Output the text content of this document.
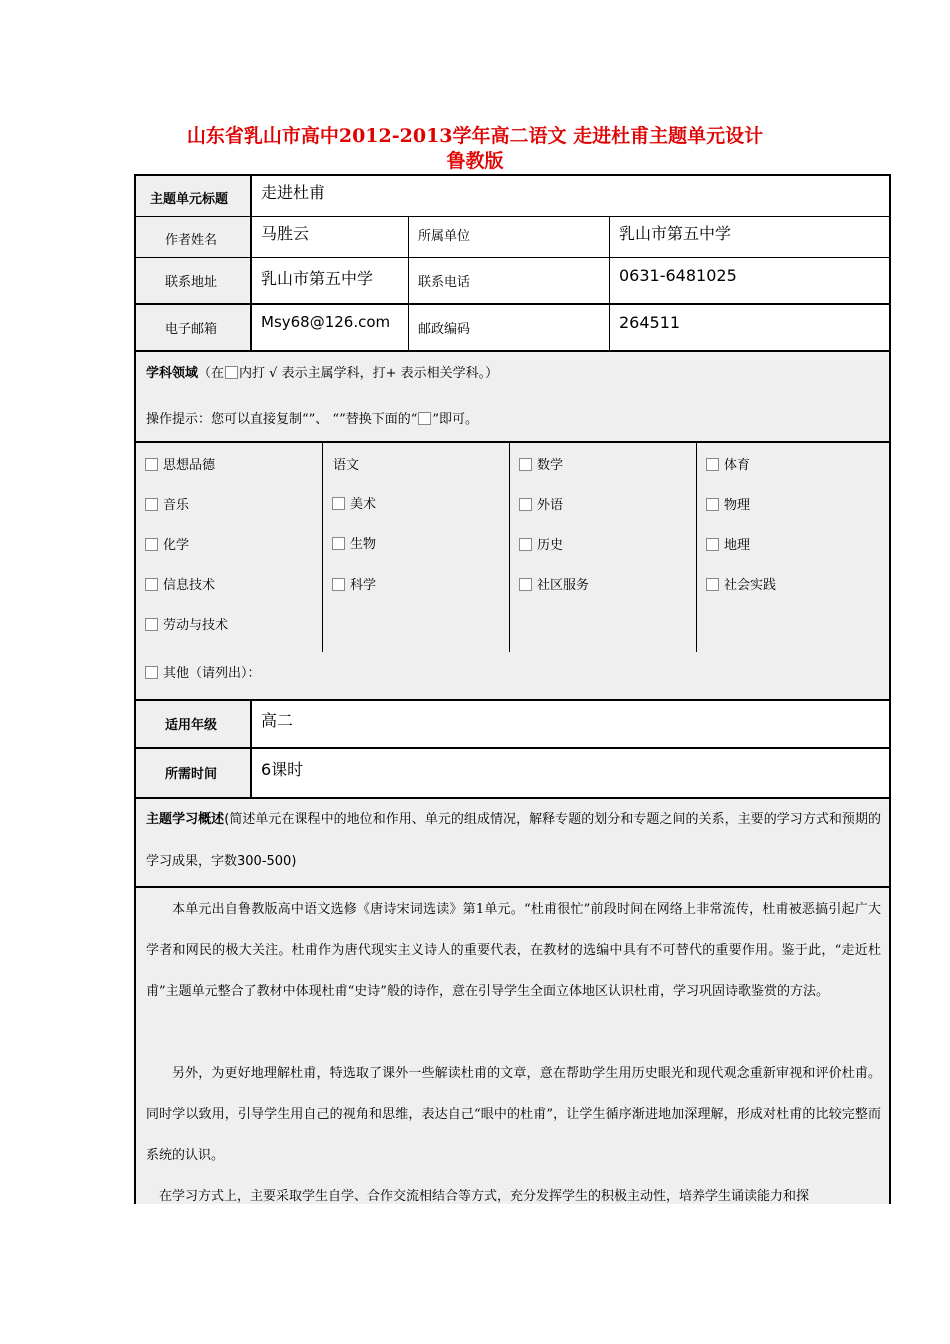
山东省乳山市高中2012-2013学年高二语文 走进杜甫主题单元设计
鲁教版
主题单元标题 走进杜甫
作者姓名	马胜云	所属单位	乳山市第五中学
联系地址	乳山市第五中学	联系电话	0631-6481025
电子邮箱	Msy68@126.com 邮政编码	264511
学科领域（在 内打 √ 表示主属学科，打+ 表示相关学科。）
操作提示：您可以直接复制“”、 “”替换下面的“ ”即可。
思想品德
音乐
化学
信息技术
劳动与技术
语文
美术
生物
科学
数学
外语
历史
社区服务
体育
物理
地理
社会实践
其他（请列出）：
适用年级	高二
所需时间	6课时
主题学习概述(简述单元在课程中的地位和作用、单元的组成情况，解释专题的划分和专题之间的关系，主要的学习方式和预期的学习成果，字数300-500)
本单元出自鲁教版高中语文选修《唐诗宋词选读》第1单元。“杜甫很忙”前段时间在网络上非常流传，杜甫被恶搞引起广大学者和网民的极大关注。杜甫作为唐代现实主义诗人的重要代表，在教材的选编中具有不可替代的重要作用。鉴于此，“走近杜甫”主题单元整合了教材中体现杜甫“史诗”般的诗作，意在引导学生全面立体地区认识杜甫，学习巩固诗歌鉴赏的方法。
另外，为更好地理解杜甫，特选取了课外一些解读杜甫的文章，意在帮助学生用历史眼光和现代观念重新审视和评价杜甫。同时学以致用，引导学生用自己的视角和思维，表达自己“眼中的杜甫”，让学生循序渐进地加深理解，形成对杜甫的比较完整而系统的认识。
在学习方式上，主要采取学生自学、合作交流相结合等方式，充分发挥学生的积极主动性，培养学生诵读能力和探
